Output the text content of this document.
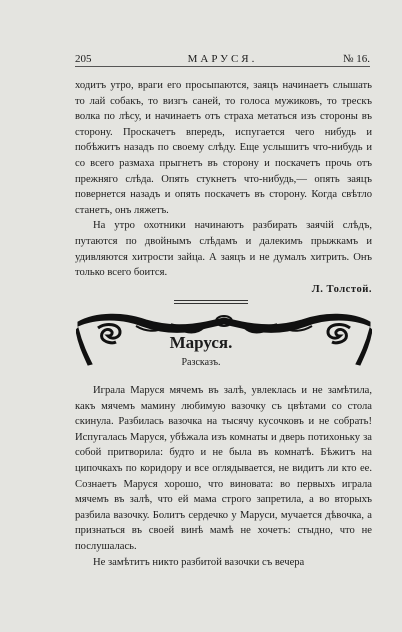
205	МАРУСЯ.	№ 16.

ходитъ утро, враги его просыпаются, заяцъ начинаетъ слышать то лай собакъ, то визгъ саней, то голоса мужиковъ, то трескъ волка по лѣсу, и начинаетъ отъ страха метаться изъ стороны въ сторону. Проскачетъ впередъ, испугается чего нибудь и побѣжитъ назадъ по своему слѣду. Еще услышитъ что-нибудь и со всего размаха прыгнетъ въ сторону и поскачетъ прочь отъ прежняго слѣда. Опять стукнетъ что-нибудь,— опять заяцъ повернется назадъ и опять поскачетъ въ сторону. Когда свѣтло станетъ, онъ ляжетъ.

На утро охотники начинаютъ разбирать заячій слѣдъ, путаются по двойнымъ слѣдамъ и далекимъ прыжкамъ и удивляются хитрости зайца. А заяцъ и не думалъ хитрить. Онъ только всего боится.

Л. Толстой.
Маруся.
Разсказъ.

Играла Маруся мячемъ въ залѣ, увлеклась и не замѣтила, какъ мячемъ мамину любимую вазочку съ цвѣтами со стола скинула. Разбилась вазочка на тысячу кусочковъ и не собрать! Испугалась Маруся, убѣжала изъ комнаты и дверь потихоньку за собой притворила: будто и не была въ комнатѣ. Бѣжитъ на ципочкахъ по коридору и все оглядывается, не видитъ ли кто ее. Сознаетъ Маруся хорошо, что виновата: во первыхъ играла мячемъ въ залѣ, что ей мама строго запретила, а во вторыхъ разбила вазочку. Болитъ сердечко у Маруси, мучается дѣвочка, а признаться въ своей винѣ мамѣ не хочетъ: стыдно, что не послушалась.

Не замѣтитъ никто разбитой вазочки съ вечера
